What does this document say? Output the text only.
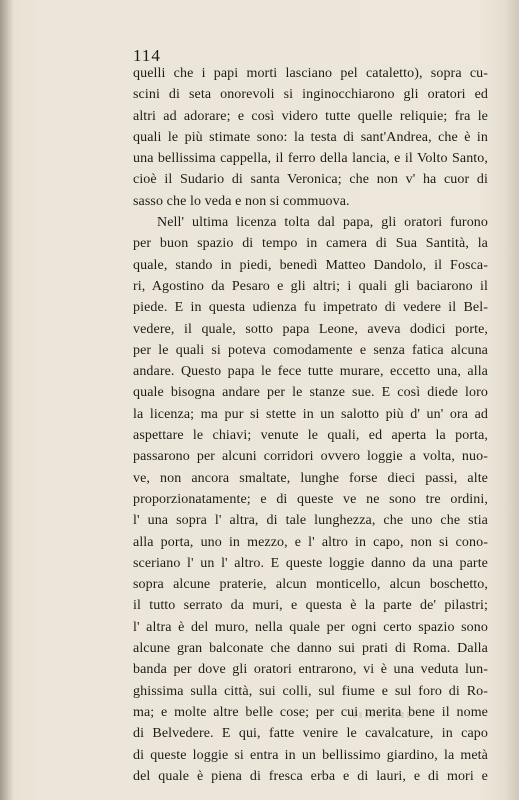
114
quelli che i papi morti lasciano pel cataletto), sopra cu-
scini di seta onorevoli si inginocchiarono gli oratori ed
altri ad adorare; e così videro tutte quelle reliquie; fra le
quali le più stimate sono: la testa di sant'Andrea, che è in
una bellissima cappella, il ferro della lancia, e il Volto Santo,
cioè il Sudario di santa Veronica; che non v' ha cuor di
sasso che lo veda e non si commuova.
Nell' ultima licenza tolta dal papa, gli oratori furono
per buon spazio di tempo in camera di Sua Santità, la
quale, stando in piedi, benedì Matteo Dandolo, il Fosca-
ri, Agostino da Pesaro e gli altri; i quali gli baciarono il
piede. E in questa udienza fu impetrato di vedere il Bel-
vedere, il quale, sotto papa Leone, aveva dodici porte,
per le quali si poteva comodamente e senza fatica alcuna
andare. Questo papa le fece tutte murare, eccetto una, alla
quale bisogna andare per le stanze sue. E così diede loro
la licenza; ma pur si stette in un salotto più d' un' ora ad
aspettare le chiavi; venute le quali, ed aperta la porta,
passarono per alcuni corridori ovvero loggie a volta, nuo-
ve, non ancora smaltate, lunghe forse dieci passi, alte
proporzionatamente; e di queste ve ne sono tre ordini,
l' una sopra l' altra, di tale lunghezza, che uno che stia
alla porta, uno in mezzo, e l' altro in capo, non si cono-
sceriano l' un l' altro. E queste loggie danno da una parte
sopra alcune praterie, alcun monticello, alcun boschetto,
il tutto serrato da muri, e questa è la parte de' pilastri;
l' altra è del muro, nella quale per ogni certo spazio sono
alcune gran balconate che danno sui prati di Roma. Dalla
banda per dove gli oratori entrarono, vi è una veduta lun-
ghissima sulla città, sui colli, sul fiume e sul foro di Ro-
ma; e molte altre belle cose; per cui merita bene il nome
di Belvedere. E qui, fatte venire le cavalcature, in capo
di queste loggie si entra in un bellissimo giardino, la metà
del quale è piena di fresca erba e di lauri, e di mori e
